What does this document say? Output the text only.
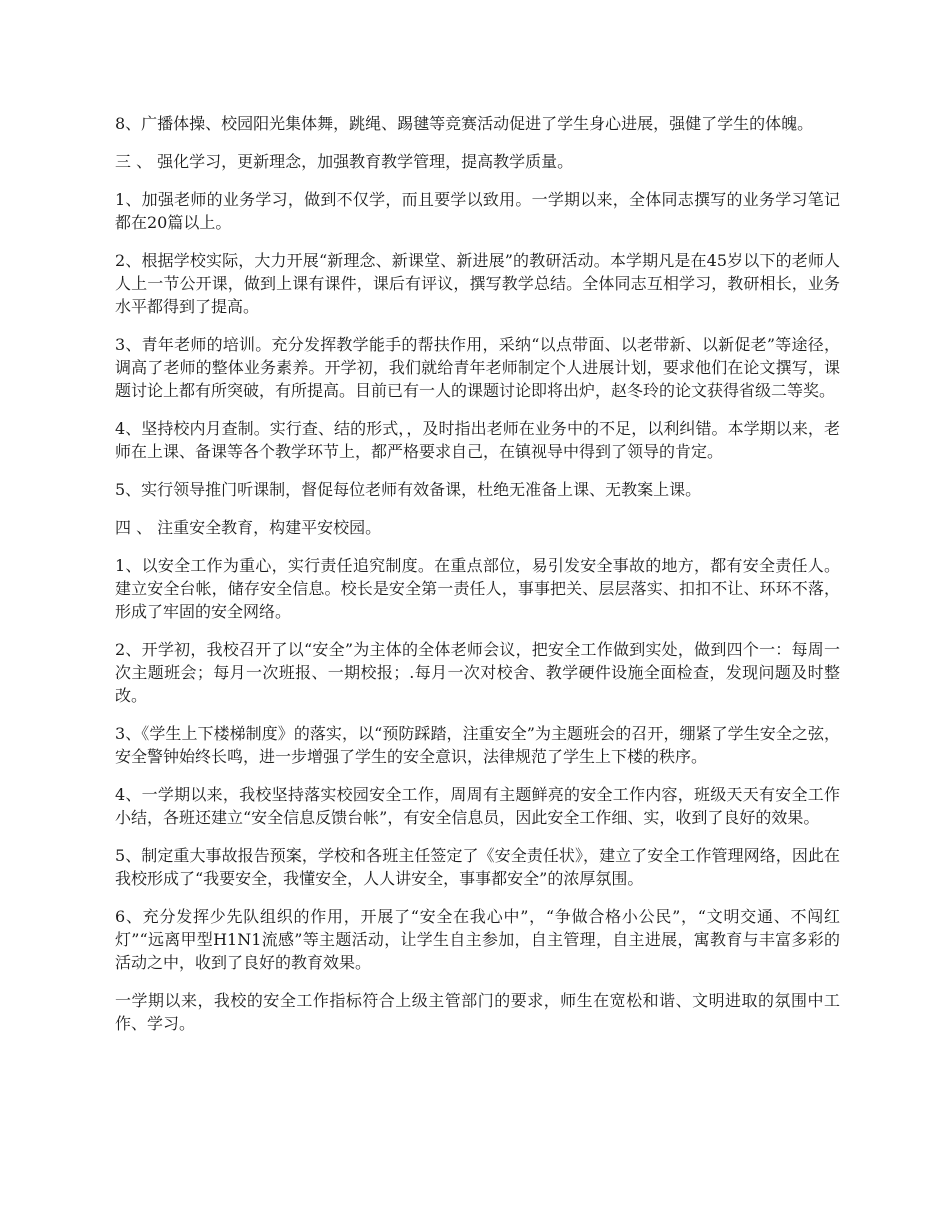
8、广播体操、校园阳光集体舞，跳绳、踢毽等竞赛活动促进了学生身心进展，强健了学生的体魄。

三 、 强化学习，更新理念，加强教育教学管理，提高教学质量。

1、加强老师的业务学习，做到不仅学，而且要学以致用。一学期以来，全体同志撰写的业务学习笔记都在20篇以上。

2、根据学校实际，大力开展“新理念、新课堂、新进展”的教研活动。本学期凡是在45岁以下的老师人人上一节公开课，做到上课有课件，课后有评议，撰写教学总结。全体同志互相学习，教研相长，业务水平都得到了提高。

3、青年老师的培训。充分发挥教学能手的帮扶作用，采纳“以点带面、以老带新、以新促老”等途径，调高了老师的整体业务素养。开学初，我们就给青年老师制定个人进展计划，要求他们在论文撰写，课题讨论上都有所突破，有所提高。目前已有一人的课题讨论即将出炉，赵冬玲的论文获得省级二等奖。

4、坚持校内月查制。实行查、结的形式，，及时指出老师在业务中的不足，以利纠错。本学期以来，老师在上课、备课等各个教学环节上，都严格要求自己，在镇视导中得到了领导的肯定。

5、实行领导推门听课制，督促每位老师有效备课，杜绝无准备上课、无教案上课。

四 、 注重安全教育，构建平安校园。

1、以安全工作为重心，实行责任追究制度。在重点部位，易引发安全事故的地方，都有安全责任人。建立安全台帐，储存安全信息。校长是安全第一责任人，事事把关、层层落实、扣扣不让、环环不落，形成了牢固的安全网络。

2、开学初，我校召开了以“安全”为主体的全体老师会议，把安全工作做到实处，做到四个一：每周一次主题班会；每月一次班报、一期校报；.每月一次对校舍、教学硬件设施全面检查，发现问题及时整改。

3、《学生上下楼梯制度》的落实，以“预防踩踏，注重安全”为主题班会的召开，绷紧了学生安全之弦，安全警钟始终长鸣，进一步增强了学生的安全意识，法律规范了学生上下楼的秩序。

4、一学期以来，我校坚持落实校园安全工作，周周有主题鲜亮的安全工作内容，班级天天有安全工作小结，各班还建立“安全信息反馈台帐”，有安全信息员，因此安全工作细、实，收到了良好的效果。

5、制定重大事故报告预案，学校和各班主任签定了《安全责任状》，建立了安全工作管理网络，因此在我校形成了“我要安全，我懂安全，人人讲安全，事事都安全”的浓厚氛围。

6、充分发挥少先队组织的作用，开展了“安全在我心中”，“争做合格小公民”，“文明交通、不闯红灯”“远离甲型H1N1流感”等主题活动，让学生自主参加，自主管理，自主进展，寓教育与丰富多彩的活动之中，收到了良好的教育效果。

一学期以来，我校的安全工作指标符合上级主管部门的要求，师生在宽松和谐、文明进取的氛围中工作、学习。
